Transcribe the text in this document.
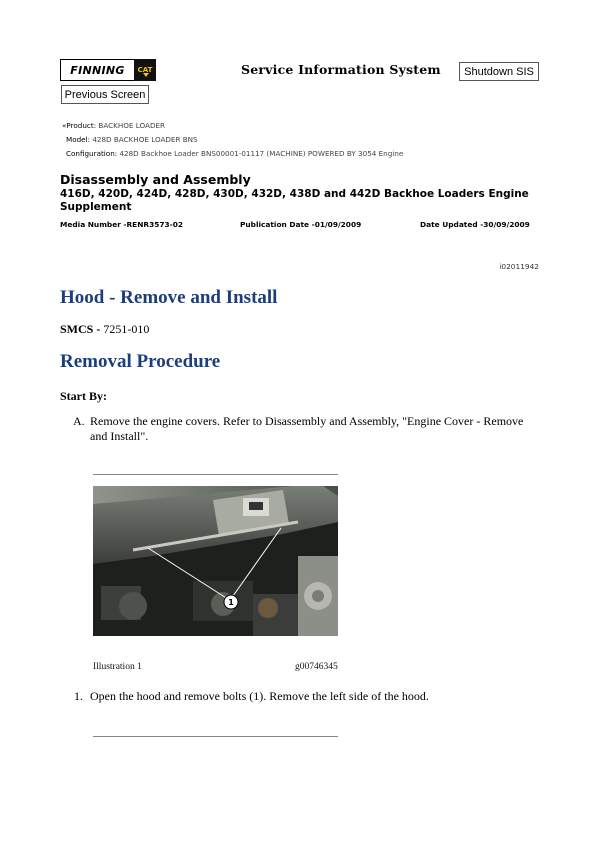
FINNING	CAT	Service Information System	Shutdown SIS
Previous Screen
«Product: BACKHOE LOADER
Model: 428D BACKHOE LOADER BNS
Configuration: 428D Backhoe Loader BNS00001-01117 (MACHINE) POWERED BY 3054 Engine
Disassembly and Assembly
416D, 420D, 424D, 428D, 430D, 432D, 438D and 442D Backhoe Loaders Engine Supplement
Media Number -RENR3573-02	Publication Date -01/09/2009	Date Updated -30/09/2009
i02011942
Hood - Remove and Install
SMCS - 7251-010
Removal Procedure
Start By:
A. Remove the engine covers. Refer to Disassembly and Assembly, "Engine Cover - Remove and Install".
1
Illustration 1	g00746345
1. Open the hood and remove bolts (1). Remove the left side of the hood.
